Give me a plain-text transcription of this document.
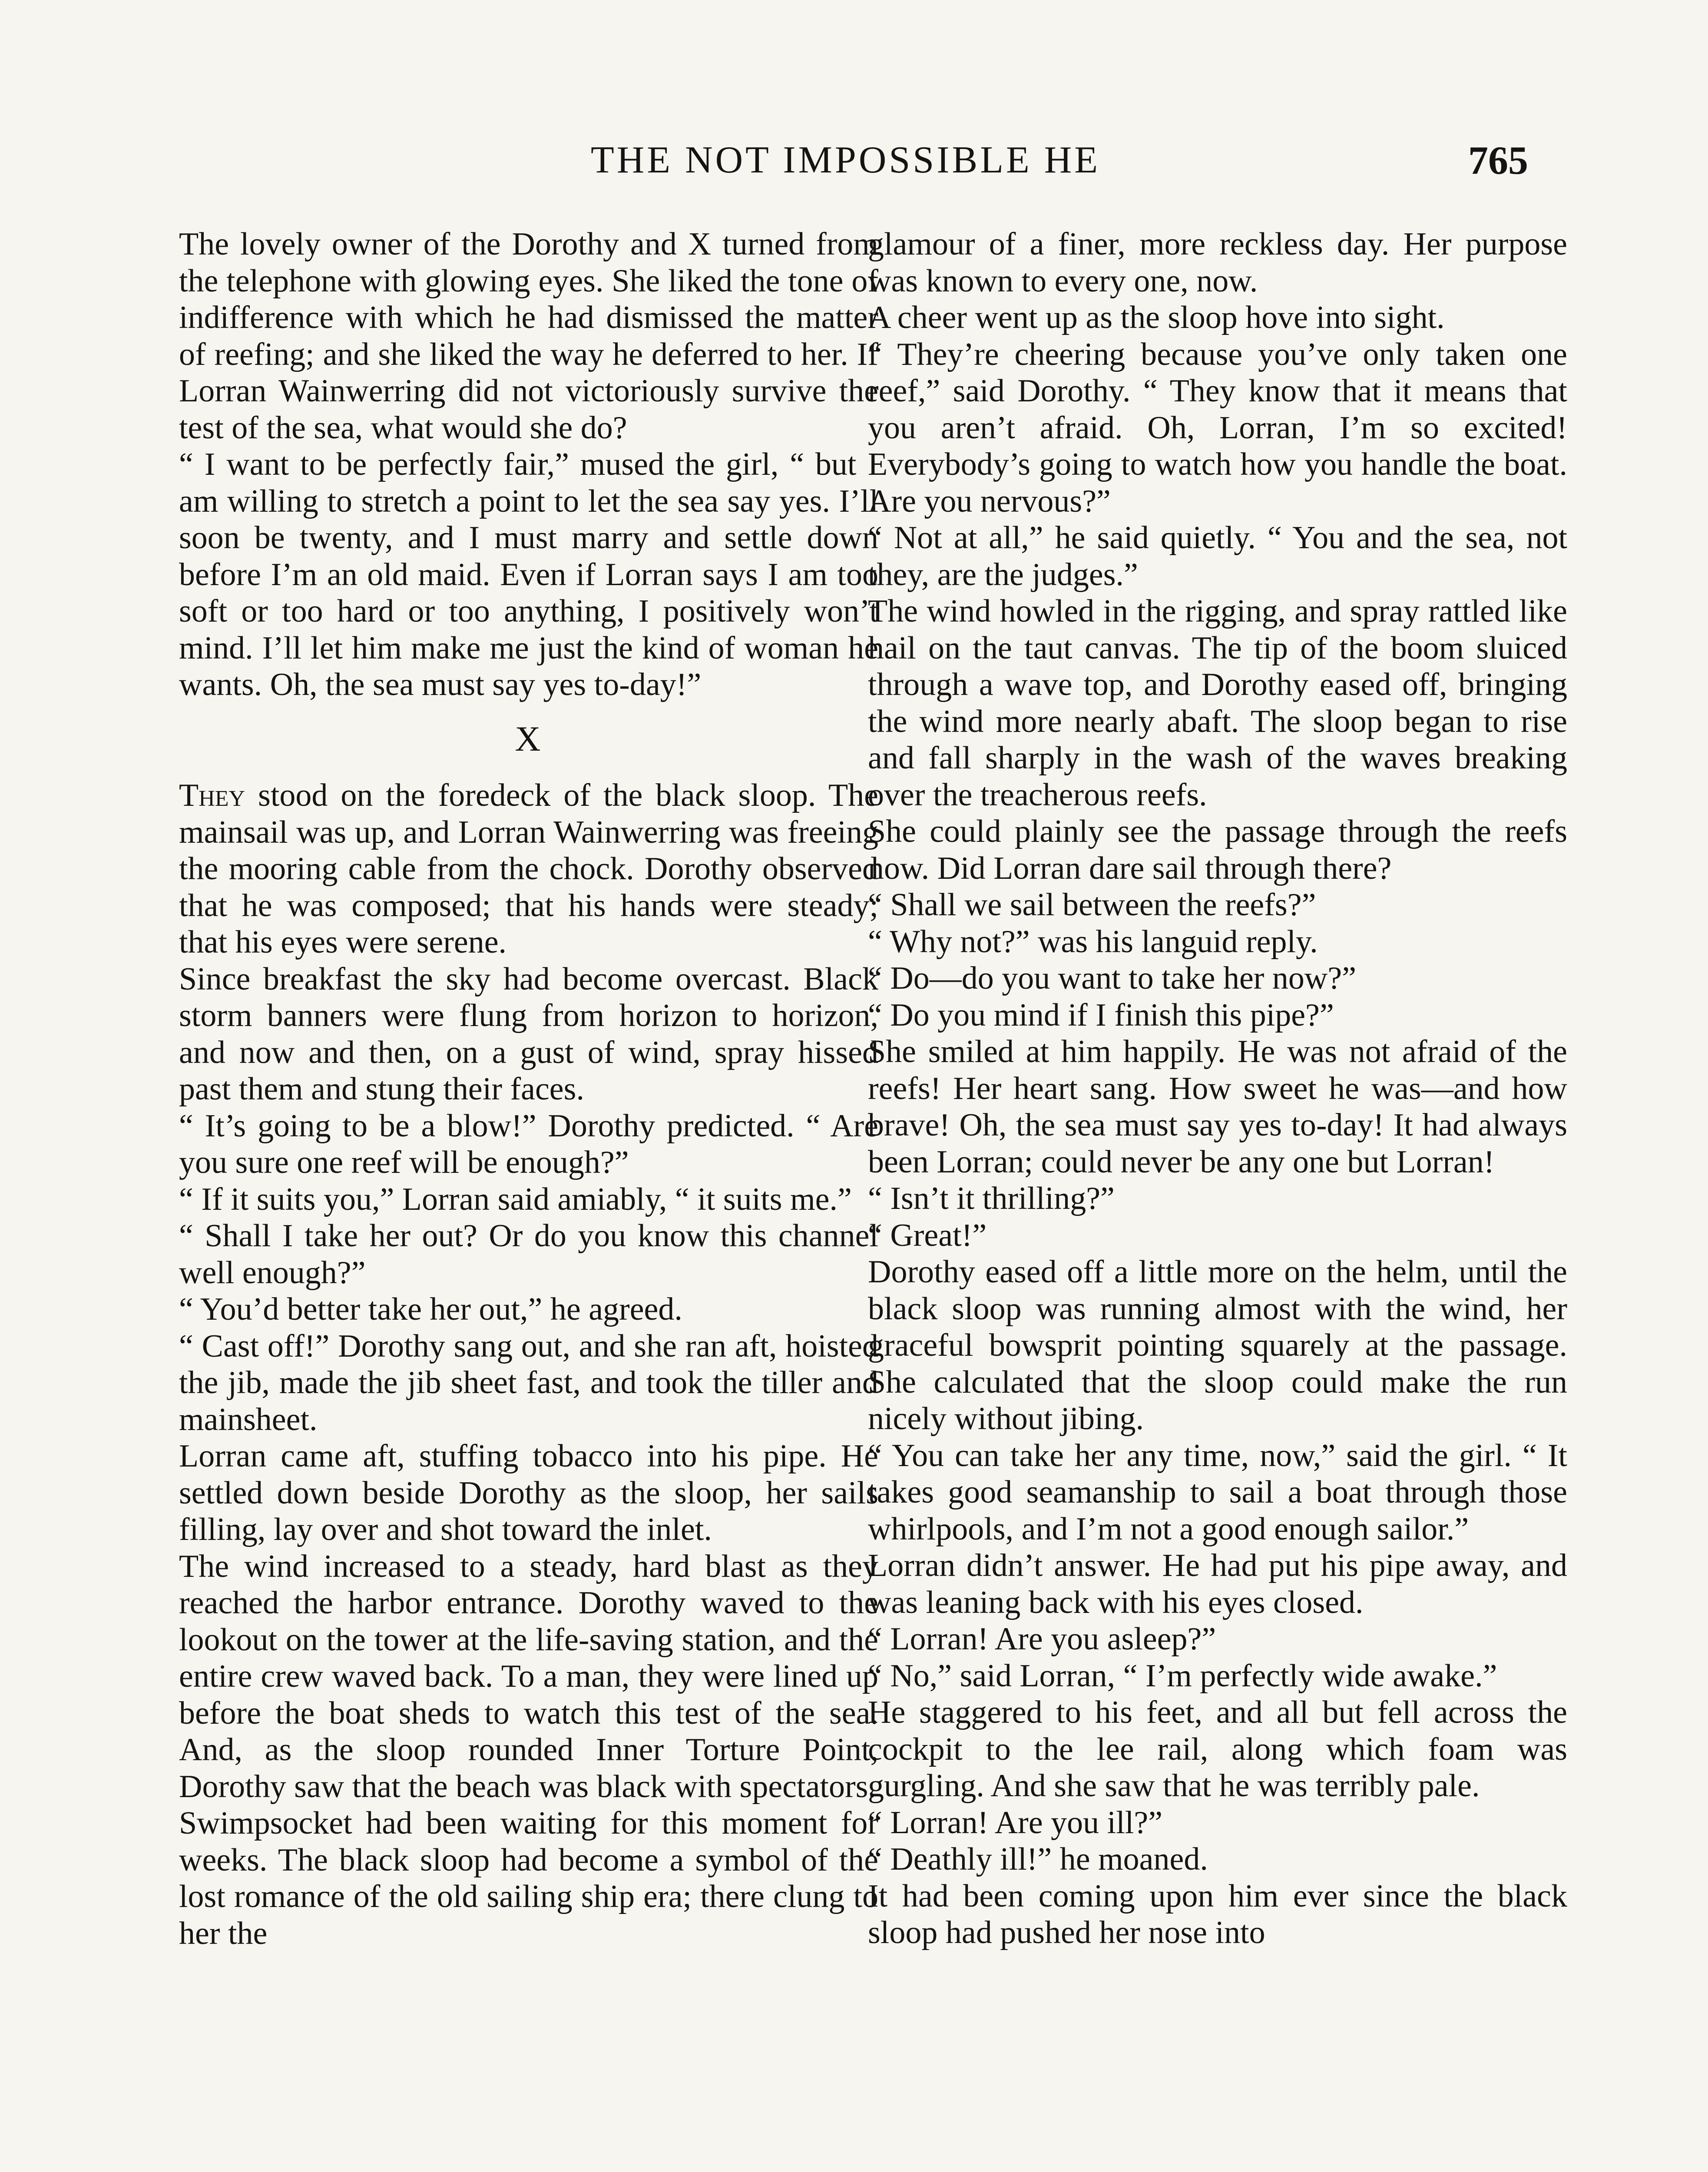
THE NOT IMPOSSIBLE HE	765

The lovely owner of the Dorothy and X turned from the telephone with glowing eyes. She liked the tone of indifference with which he had dismissed the matter of reefing; and she liked the way he deferred to her. If Lorran Wainwerring did not victoriously survive the test of the sea, what would she do?

“ I want to be perfectly fair,” mused the girl, “ but I am willing to stretch a point to let the sea say yes. I’ll soon be twenty, and I must marry and settle down before I’m an old maid. Even if Lorran says I am too soft or too hard or too anything, I positively won’t mind. I’ll let him make me just the kind of woman he wants. Oh, the sea must say yes to-day!”

X

They stood on the foredeck of the black sloop. The mainsail was up, and Lorran Wainwerring was freeing the mooring cable from the chock. Dorothy observed that he was composed; that his hands were steady; that his eyes were serene.

Since breakfast the sky had become overcast. Black storm banners were flung from horizon to horizon, and now and then, on a gust of wind, spray hissed past them and stung their faces.

“ It’s going to be a blow!” Dorothy predicted. “ Are you sure one reef will be enough?”

“ If it suits you,” Lorran said amiably, “ it suits me.”

“ Shall I take her out? Or do you know this channel well enough?”

“ You’d better take her out,” he agreed.

“ Cast off!” Dorothy sang out, and she ran aft, hoisted the jib, made the jib sheet fast, and took the tiller and mainsheet.

Lorran came aft, stuffing tobacco into his pipe. He settled down beside Dorothy as the sloop, her sails filling, lay over and shot toward the inlet.

The wind increased to a steady, hard blast as they reached the harbor entrance. Dorothy waved to the lookout on the tower at the life-saving station, and the entire crew waved back. To a man, they were lined up before the boat sheds to watch this test of the sea. And, as the sloop rounded Inner Torture Point, Dorothy saw that the beach was black with spectators.

Swimpsocket had been waiting for this moment for weeks. The black sloop had become a symbol of the lost romance of the old sailing ship era; there clung to her the

glamour of a finer, more reckless day. Her purpose was known to every one, now.

A cheer went up as the sloop hove into sight.

“ They’re cheering because you’ve only taken one reef,” said Dorothy. “ They know that it means that you aren’t afraid. Oh, Lorran, I’m so excited! Everybody’s going to watch how you handle the boat. Are you nervous?”

“ Not at all,” he said quietly. “ You and the sea, not they, are the judges.”

The wind howled in the rigging, and spray rattled like hail on the taut canvas. The tip of the boom sluiced through a wave top, and Dorothy eased off, bringing the wind more nearly abaft. The sloop began to rise and fall sharply in the wash of the waves breaking over the treacherous reefs.

She could plainly see the passage through the reefs now. Did Lorran dare sail through there?

“ Shall we sail between the reefs?”

“ Why not?” was his languid reply.

“ Do—do you want to take her now?”

“ Do you mind if I finish this pipe?”

She smiled at him happily. He was not afraid of the reefs! Her heart sang. How sweet he was—and how brave! Oh, the sea must say yes to-day! It had always been Lorran; could never be any one but Lorran!

“ Isn’t it thrilling?”

“ Great!”

Dorothy eased off a little more on the helm, until the black sloop was running almost with the wind, her graceful bowsprit pointing squarely at the passage. She calculated that the sloop could make the run nicely without jibing.

“ You can take her any time, now,” said the girl. “ It takes good seamanship to sail a boat through those whirlpools, and I’m not a good enough sailor.”

Lorran didn’t answer. He had put his pipe away, and was leaning back with his eyes closed.

“ Lorran! Are you asleep?”

“ No,” said Lorran, “ I’m perfectly wide awake.”

He staggered to his feet, and all but fell across the cockpit to the lee rail, along which foam was gurgling. And she saw that he was terribly pale.

“ Lorran! Are you ill?”

“ Deathly ill!” he moaned.

It had been coming upon him ever since the black sloop had pushed her nose into
